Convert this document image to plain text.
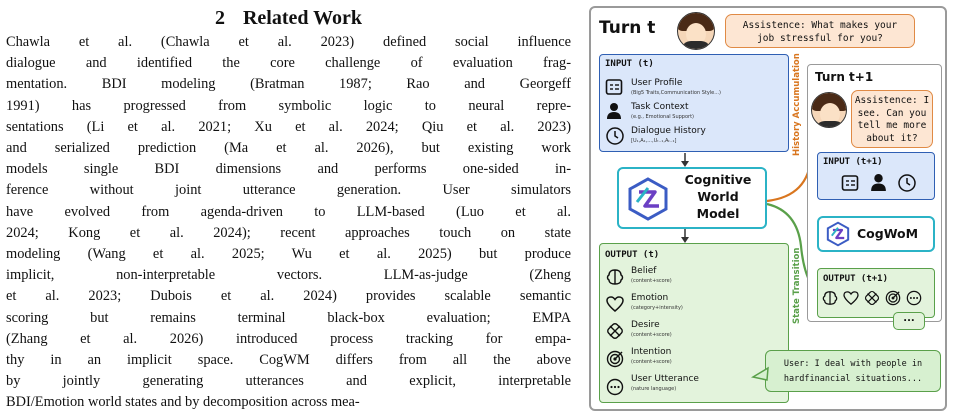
2 Related Work
Chawla et al. (Chawla et al. 2023) defined social influence
dialogue and identified the core challenge of evaluation frag-
mentation. BDI modeling (Bratman 1987; Rao and Georgeff
1991) has progressed from symbolic logic to neural repre-
sentations (Li et al. 2021; Xu et al. 2024; Qiu et al. 2023)
and serialized prediction (Ma et al. 2026), but existing work
models single BDI dimensions and performs one-sided in-
ference without joint utterance generation. User simulators
have evolved from agenda-driven to LLM-based (Luo et al.
2024; Kong et al. 2024); recent approaches touch on state
modeling (Wang et al. 2025; Wu et al. 2025) but produce
implicit, non-interpretable vectors. LLM-as-judge (Zheng
et al. 2023; Dubois et al. 2024) provides scalable semantic
scoring but remains terminal black-box evaluation; EMPA
(Zhang et al. 2026) introduced process tracking for empa-
thy in an implicit space. CogWM differs from all the above
by jointly generating utterances and explicit, interpretable
BDI/Emotion world states and by decomposition across mea-
Turn t	Assistence: What makes your
job stressful for you?
INPUT (t)
User Profile
(Big5 Traits,Communication Style...)
Task Context
(e.g., Emotional Support)
Dialogue History
[U₁,A₁,...,Uₜ₋₁,Aₜ₋₁]
Cognitive
World
Model
OUTPUT (t)
Belief
(content+score)
Emotion
(category+intensity)
Desire
(content+score)
Intention
(content+score)
User Utterance
(nature language)
History Accumulation
State Transition
Turn t+1
Assistence: I
see. Can you
tell me more
about it?
INPUT (t+1)
CogWoM
OUTPUT (t+1)
...
User: I deal with people in
hardfinancial situations...
